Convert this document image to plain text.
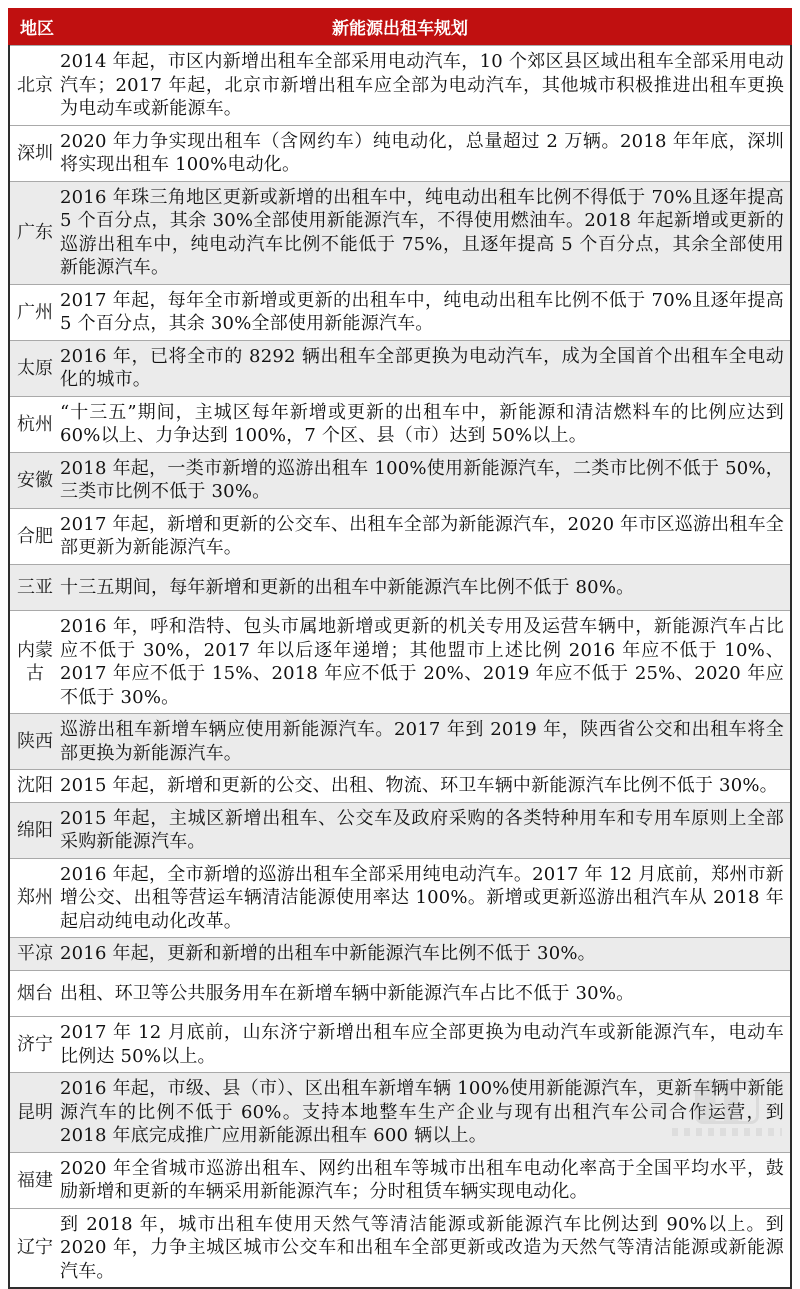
地区	新能源出租车规划
北京
2014 年起，市区内新增出租车全部采用电动汽车，10 个郊区县区域出租车全部采用电动汽车；2017 年起，北京市新增出租车应全部为电动汽车，其他城市积极推进出租车更换为电动车或新能源车。
深圳
2020 年力争实现出租车（含网约车）纯电动化，总量超过 2 万辆。2018 年年底，深圳将实现出租车 100%电动化。
广东
2016 年珠三角地区更新或新增的出租车中，纯电动出租车比例不得低于 70%且逐年提高 5 个百分点，其余 30%全部使用新能源汽车，不得使用燃油车。2018 年起新增或更新的巡游出租车中，纯电动汽车比例不能低于 75%，且逐年提高 5 个百分点，其余全部使用新能源汽车。
广州
2017 年起，每年全市新增或更新的出租车中，纯电动出租车比例不低于 70%且逐年提高 5 个百分点，其余 30%全部使用新能源汽车。
太原
2016 年，已将全市的 8292 辆出租车全部更换为电动汽车，成为全国首个出租车全电动化的城市。
杭州
“十三五”期间，主城区每年新增或更新的出租车中，新能源和清洁燃料车的比例应达到 60%以上、力争达到 100%，7 个区、县（市）达到 50%以上。
安徽
2018 年起，一类市新增的巡游出租车 100%使用新能源汽车，二类市比例不低于 50%，三类市比例不低于 30%。
合肥
2017 年起，新增和更新的公交车、出租车全部为新能源汽车，2020 年市区巡游出租车全部更新为新能源汽车。
三亚 十三五期间，每年新增和更新的出租车中新能源汽车比例不低于 80%。
内蒙古
2016 年，呼和浩特、包头市属地新增或更新的机关专用及运营车辆中，新能源汽车占比应不低于 30%，2017 年以后逐年递增；其他盟市上述比例 2016 年应不低于 10%、2017 年应不低于 15%、2018 年应不低于 20%、2019 年应不低于 25%、2020 年应不低于 30%。
陕西
巡游出租车新增车辆应使用新能源汽车。2017 年到 2019 年，陕西省公交和出租车将全部更换为新能源汽车。
沈阳 2015 年起，新增和更新的公交、出租、物流、环卫车辆中新能源汽车比例不低于 30%。
绵阳
2015 年起，主城区新增出租车、公交车及政府采购的各类特种用车和专用车原则上全部采购新能源汽车。
郑州
2016 年起，全市新增的巡游出租车全部采用纯电动汽车。2017 年 12 月底前，郑州市新增公交、出租等营运车辆清洁能源使用率达 100%。新增或更新巡游出租汽车从 2018 年起启动纯电动化改革。
平凉 2016 年起，更新和新增的出租车中新能源汽车比例不低于 30%。
烟台 出租、环卫等公共服务用车在新增车辆中新能源汽车占比不低于 30%。
济宁
2017 年 12 月底前，山东济宁新增出租车应全部更换为电动汽车或新能源汽车，电动车比例达 50%以上。
昆明
2016 年起，市级、县（市）、区出租车新增车辆 100%使用新能源汽车，更新车辆中新能源汽车的比例不低于 60%。支持本地整车生产企业与现有出租汽车公司合作运营，到 2018 年底完成推广应用新能源出租车 600 辆以上。
福建
2020 年全省城市巡游出租车、网约出租车等城市出租车电动化率高于全国平均水平，鼓励新增和更新的车辆采用新能源汽车；分时租赁车辆实现电动化。
辽宁
到 2018 年，城市出租车使用天然气等清洁能源或新能源汽车比例达到 90%以上。到 2020 年，力争主城区城市公交车和出租车全部更新或改造为天然气等清洁能源或新能源汽车。
